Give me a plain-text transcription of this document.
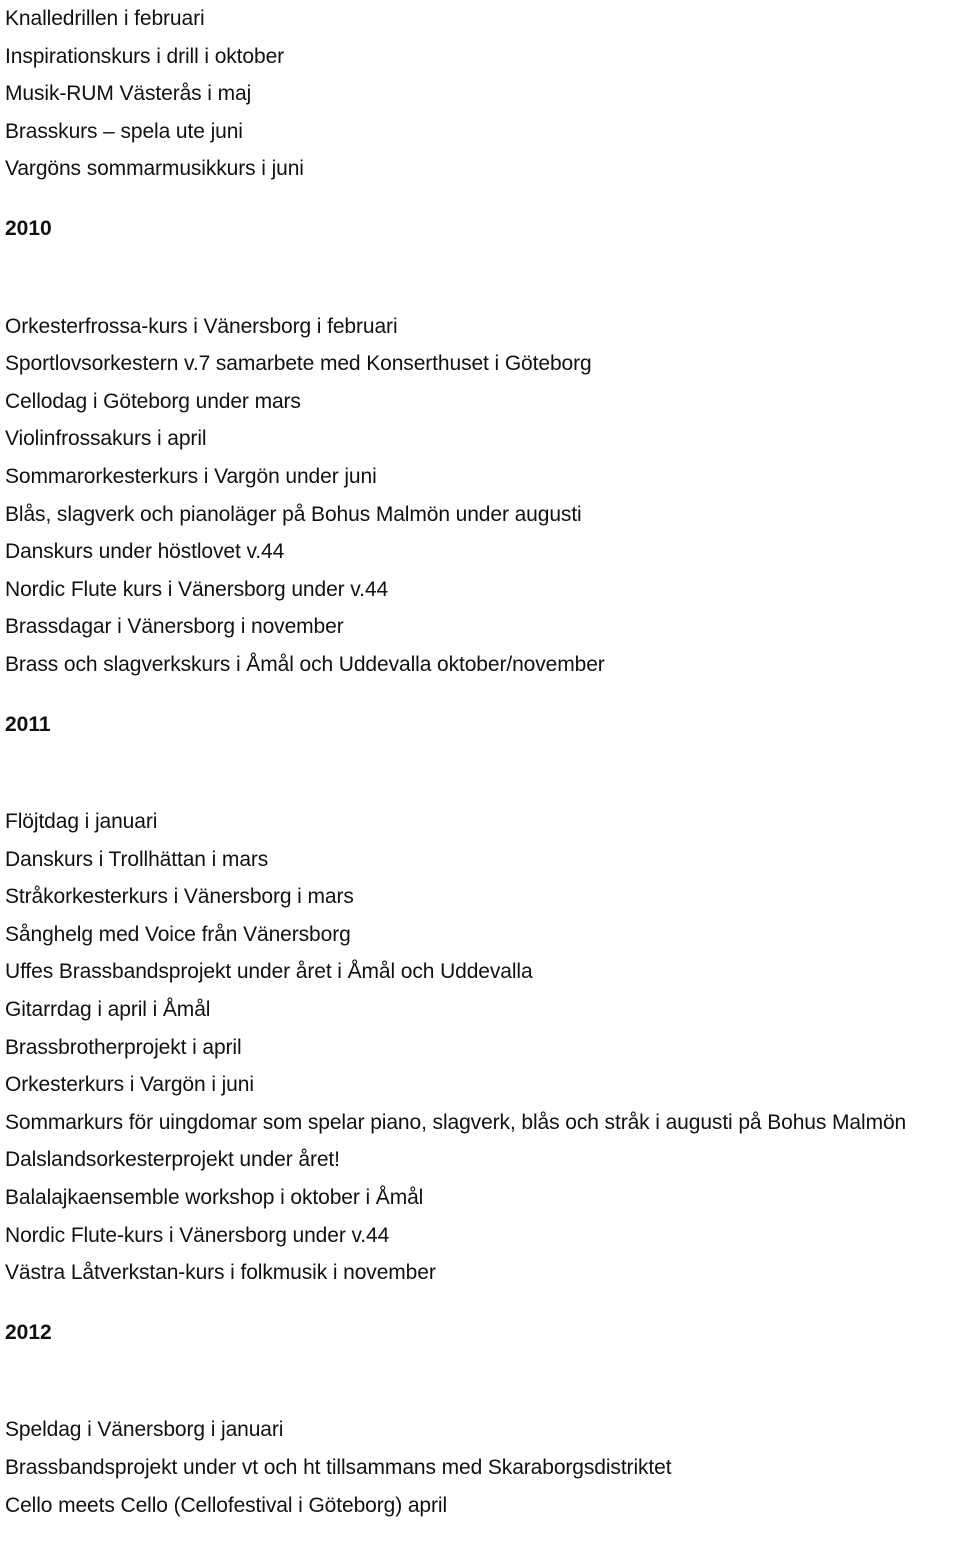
Knalledrillen i februari
Inspirationskurs i drill i oktober
Musik-RUM Västerås i maj
Brasskurs – spela ute juni
Vargöns sommarmusikkurs i juni
2010
Orkesterfrossa-kurs i Vänersborg i februari
Sportlovsorkestern v.7 samarbete med Konserthuset i Göteborg
Cellodag i Göteborg under mars
Violinfrossakurs i april
Sommarorkesterkurs i Vargön under juni
Blås, slagverk och pianoläger på Bohus Malmön under augusti
Danskurs under höstlovet v.44
Nordic Flute kurs i Vänersborg under v.44
Brassdagar i Vänersborg i november
Brass och slagverkskurs i Åmål och Uddevalla oktober/november
2011
Flöjtdag i januari
Danskurs i Trollhättan i mars
Stråkorkesterkurs i Vänersborg i mars
Sånghelg med Voice från Vänersborg
Uffes Brassbandsprojekt under året i Åmål och Uddevalla
Gitarrdag i april i Åmål
Brassbrotherprojekt i april
Orkesterkurs i Vargön i juni
Sommarkurs för uingdomar som spelar piano, slagverk, blås och stråk i augusti på Bohus Malmön
Dalslandsorkesterprojekt under året!
Balalajkaensemble workshop i oktober i Åmål
Nordic Flute-kurs i Vänersborg under v.44
Västra Låtverkstan-kurs i folkmusik i november
2012
Speldag i Vänersborg i januari
Brassbandsprojekt under vt och ht tillsammans med Skaraborgsdistriktet
Cello meets Cello (Cellofestival i Göteborg) april
